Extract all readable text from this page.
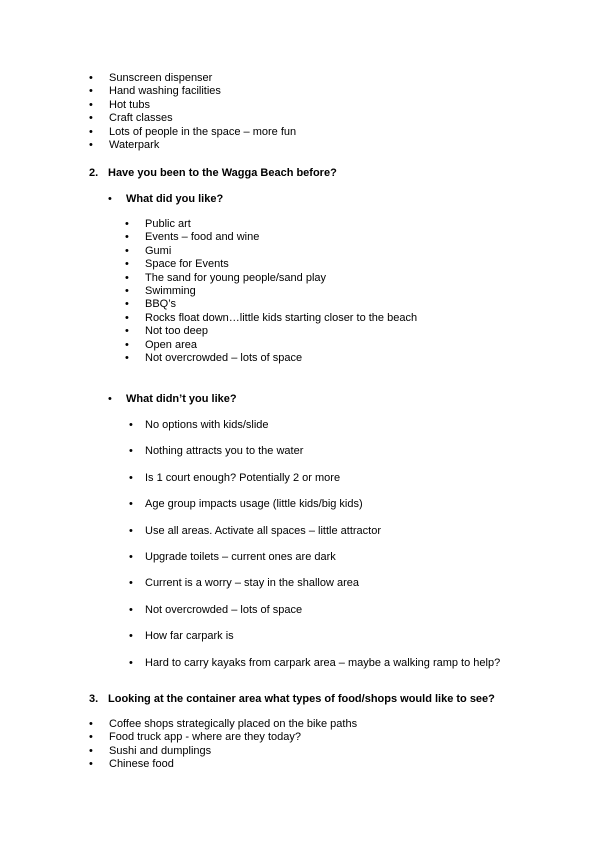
• Sunscreen dispenser
• Hand washing facilities
• Hot tubs
• Craft classes
• Lots of people in the space – more fun
• Waterpark
2. Have you been to the Wagga Beach before?
• What did you like?
• Public art
• Events – food and wine
• Gumi
• Space for Events
• The sand for young people/sand play
• Swimming
• BBQ’s
• Rocks float down…little kids starting closer to the beach
• Not too deep
• Open area
• Not overcrowded – lots of space
• What didn’t you like?
• No options with kids/slide
• Nothing attracts you to the water
• Is 1 court enough? Potentially 2 or more
• Age group impacts usage (little kids/big kids)
• Use all areas. Activate all spaces – little attractor
• Upgrade toilets – current ones are dark
• Current is a worry – stay in the shallow area
• Not overcrowded – lots of space
• How far carpark is
• Hard to carry kayaks from carpark area – maybe a walking ramp to help?
3. Looking at the container area what types of food/shops would like to see?
• Coffee shops strategically placed on the bike paths
• Food truck app - where are they today?
• Sushi and dumplings
• Chinese food
